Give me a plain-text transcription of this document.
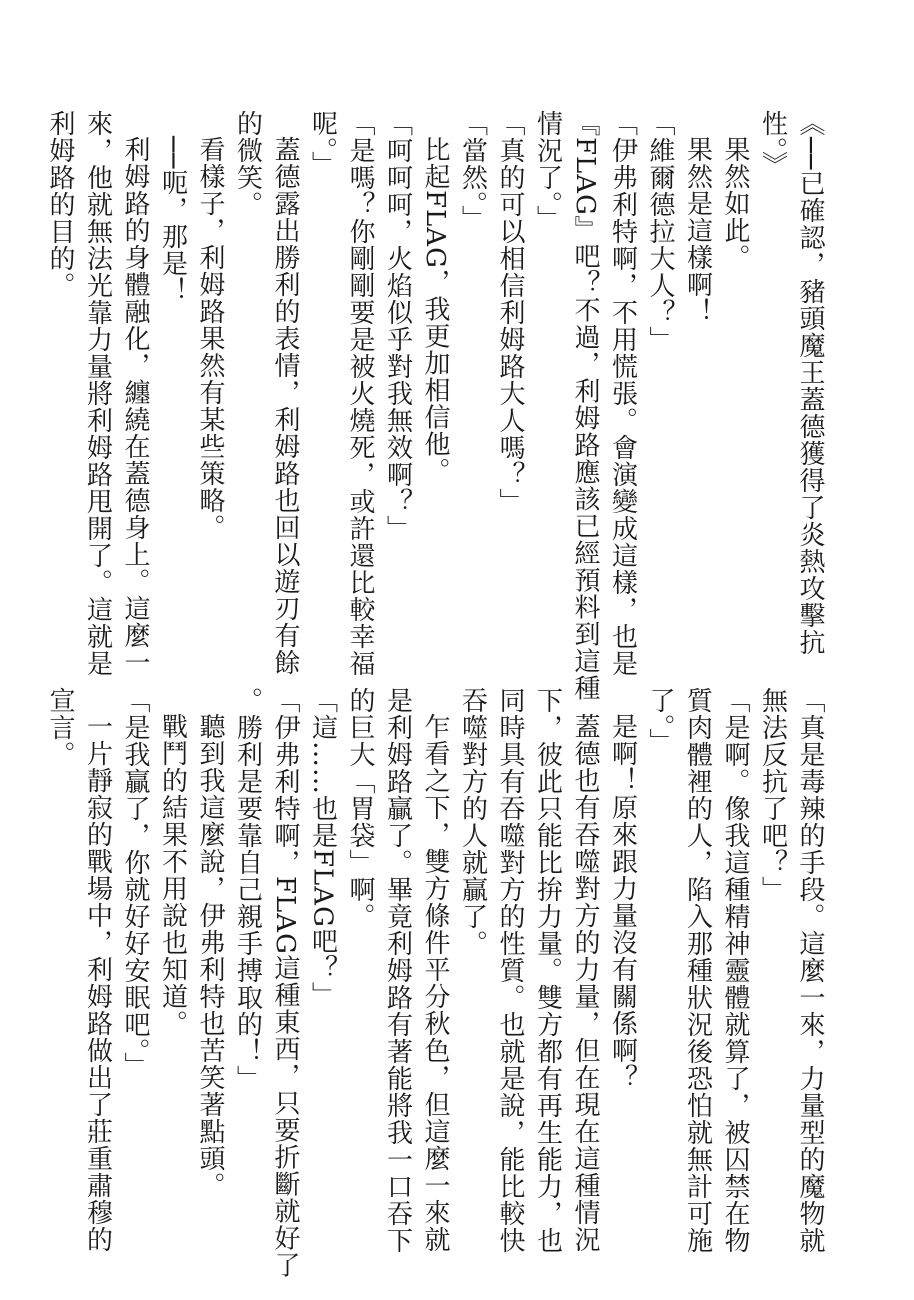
《──已確認，豬頭魔王蓋德獲得了炎熱攻擊抗
性。》
果然如此。
果然是這樣啊！
「維爾德拉大人？」
「伊弗利特啊，不用慌張。會演變成這樣，也是
『FLAG』吧？不過，利姆路應該已經預料到這種
情況了。」
「真的可以相信利姆路大人嗎？」
「當然。」
比起FLAG，我更加相信他。
「呵呵呵，火焰似乎對我無效啊？」
「是嗎？你剛剛要是被火燒死，或許還比較幸福
呢。」
蓋德露出勝利的表情，利姆路也回以遊刃有餘
的微笑。
看樣子，利姆路果然有某些策略。
──呃，那是！
利姆路的身體融化，纏繞在蓋德身上。這麼一
來，他就無法光靠力量將利姆路甩開了。這就是
利姆路的目的。
「真是毒辣的手段。這麼一來，力量型的魔物就
無法反抗了吧？」
「是啊。像我這種精神靈體就算了，被囚禁在物
質肉體裡的人，陷入那種狀況後恐怕就無計可施
了。」
是啊！原來跟力量沒有關係啊？
蓋德也有吞噬對方的力量，但在現在這種情況
下，彼此只能比拚力量。雙方都有再生能力，也
同時具有吞噬對方的性質。也就是說，能比較快
吞噬對方的人就贏了。
乍看之下，雙方條件平分秋色，但這麼一來就
是利姆路贏了。畢竟利姆路有著能將我一口吞下
的巨大「胃袋」啊。
「這……也是FLAG吧？」
「伊弗利特啊，FLAG這種東西，只要折斷就好了
。勝利是要靠自己親手搏取的！」
聽到我這麼說，伊弗利特也苦笑著點頭。
戰鬥的結果不用說也知道。
「是我贏了，你就好好安眠吧。」
一片靜寂的戰場中，利姆路做出了莊重肅穆的
宣言。
